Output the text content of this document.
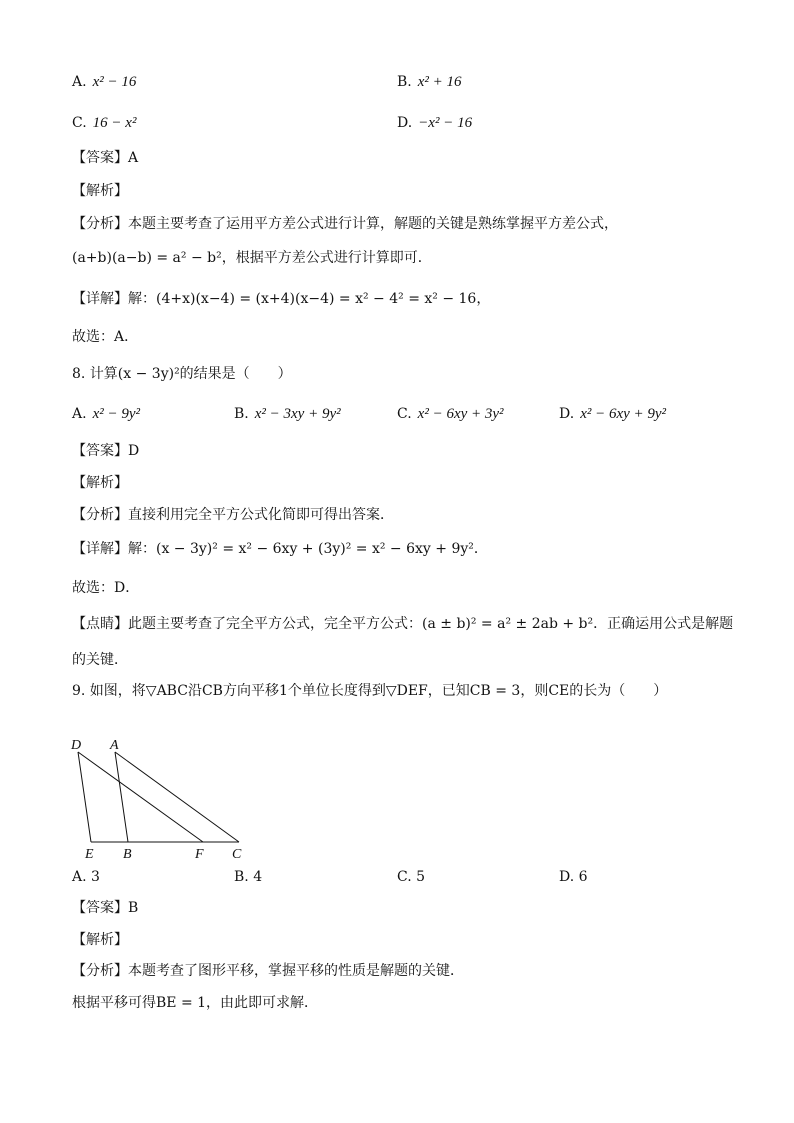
A. x² − 16	B. x² + 16
C. 16 − x²	D. −x² − 16
【答案】A
【解析】
【分析】本题主要考查了运用平方差公式进行计算，解题的关键是熟练掌握平方差公式，
(a+b)(a−b) = a² − b²，根据平方差公式进行计算即可．
【详解】解：(4+x)(x−4) = (x+4)(x−4) = x² − 4² = x² − 16，
故选：A．
8. 计算(x − 3y)²的结果是（　　）
A. x² − 9y²	B. x² − 3xy + 9y²	C. x² − 6xy + 3y²	D. x² − 6xy + 9y²
【答案】D
【解析】
【分析】直接利用完全平方公式化简即可得出答案．
【详解】解：(x − 3y)² = x² − 6xy + (3y)² = x² − 6xy + 9y²．
故选：D．
【点睛】此题主要考查了完全平方公式，完全平方公式：(a ± b)² = a² ± 2ab + b²．正确运用公式是解题
的关键．
9. 如图，将▽ABC沿CB方向平移1个单位长度得到▽DEF，已知CB = 3，则CE的长为（　　）
D A
E B	F C
A. 3	B. 4	C. 5	D. 6
【答案】B
【解析】
【分析】本题考查了图形平移，掌握平移的性质是解题的关键．
根据平移可得BE = 1，由此即可求解．
